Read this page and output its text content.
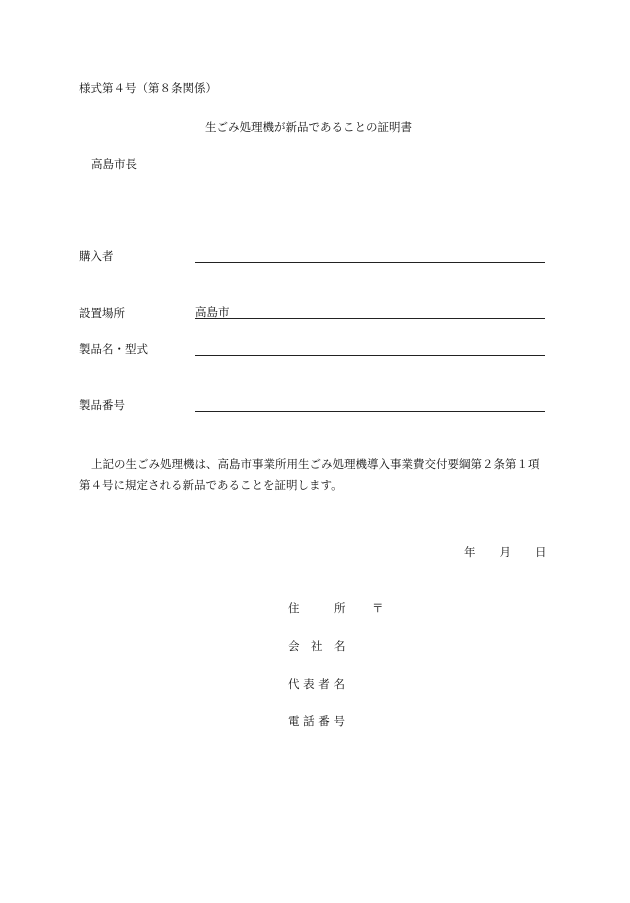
様式第４号（第８条関係）
生ごみ処理機が新品であることの証明書
高島市長
購入者
設置場所	高島市
製品名・型式
製品番号
上記の生ごみ処理機は、高島市事業所用生ごみ処理機導入事業費交付要綱第２条第１項
第４号に規定される新品であることを証明します。
年 月 日
住　　　所 〒
会　社　名
代 表 者 名
電 話 番 号
